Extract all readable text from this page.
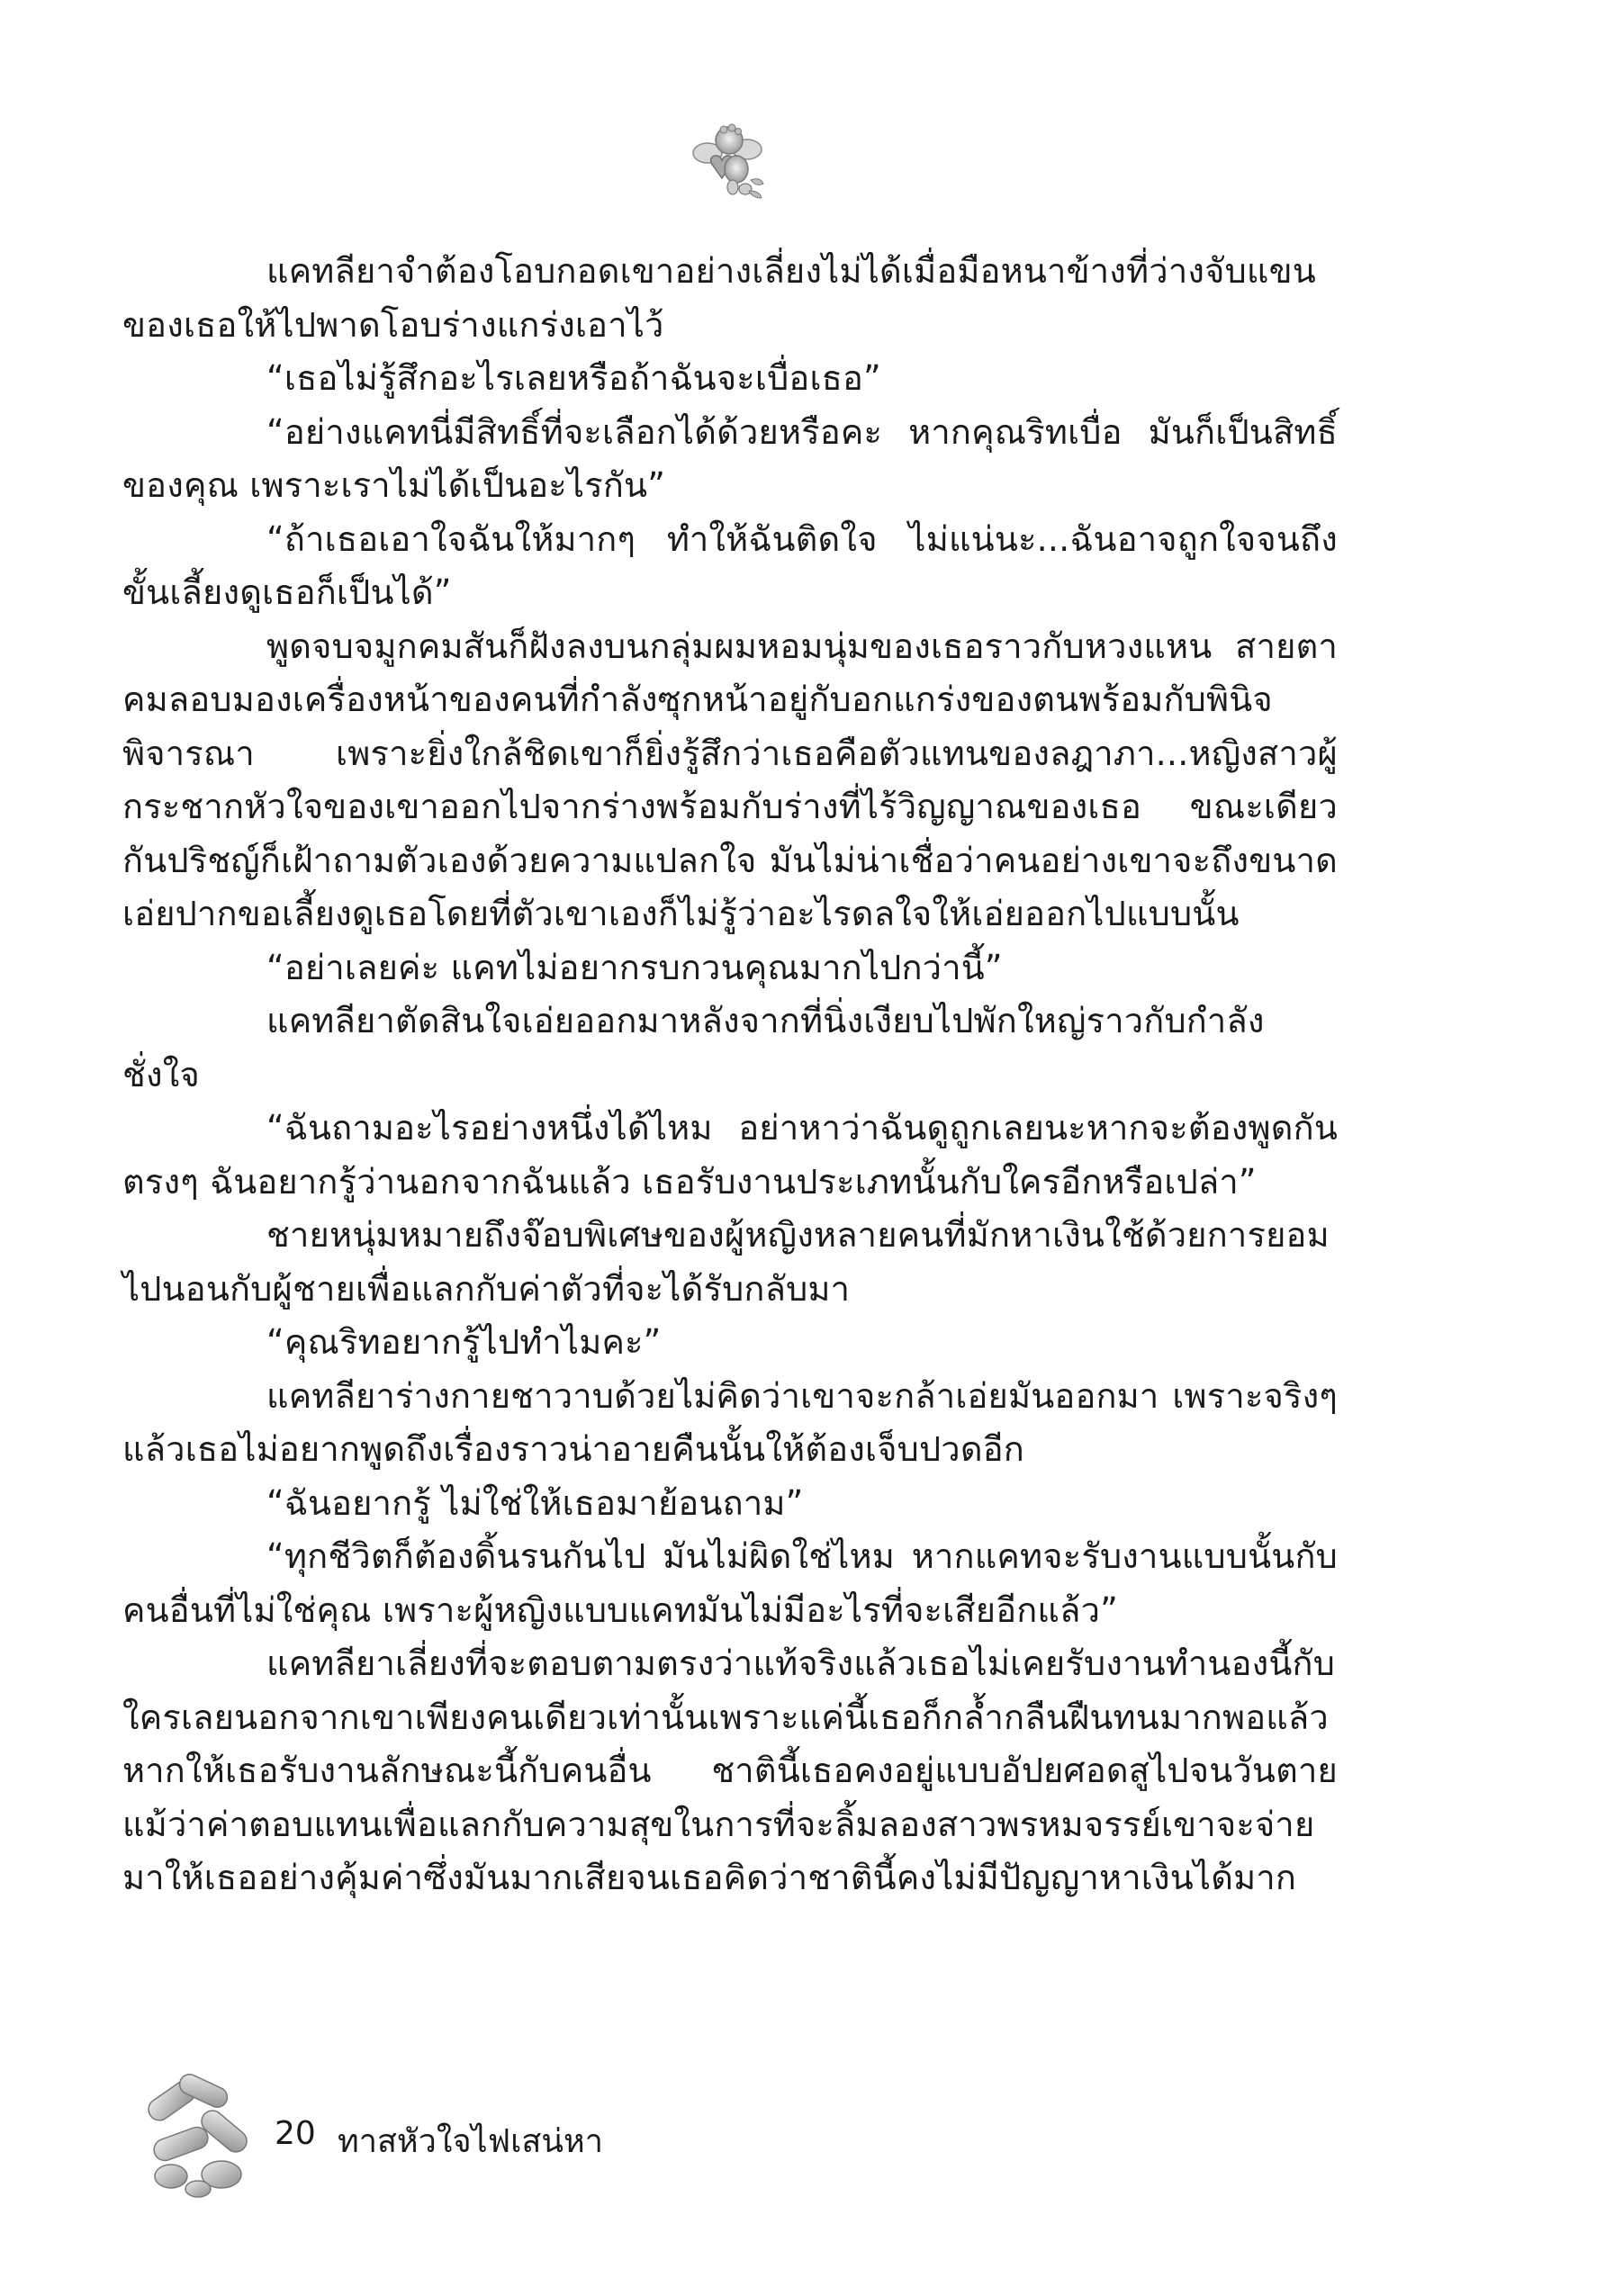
แคทลียาจำต้องโอบกอดเขาอย่างเลี่ยงไม่ได้เมื่อมือหนาข้างที่ว่างจับแขนของเธอให้ไปพาดโอบร่างแกร่งเอาไว้

“เธอไม่รู้สึกอะไรเลยหรือถ้าฉันจะเบื่อเธอ”

“อย่างแคทนี่มีสิทธิ์ที่จะเลือกได้ด้วยหรือคะ หากคุณริทเบื่อ มันก็เป็นสิทธิ์ของคุณ เพราะเราไม่ได้เป็นอะไรกัน”

“ถ้าเธอเอาใจฉันให้มากๆ ทำให้ฉันติดใจ ไม่แน่นะ...ฉันอาจถูกใจจนถึงขั้นเลี้ยงดูเธอก็เป็นได้”

พูดจบจมูกคมสันก็ฝังลงบนกลุ่มผมหอมนุ่มของเธอราวกับหวงแหน สายตาคมลอบมองเครื่องหน้าของคนที่กำลังซุกหน้าอยู่กับอกแกร่งของตนพร้อมกับพินิจพิจารณา เพราะยิ่งใกล้ชิดเขาก็ยิ่งรู้สึกว่าเธอคือตัวแทนของลฎาภา...หญิงสาวผู้กระชากหัวใจของเขาออกไปจากร่างพร้อมกับร่างที่ไร้วิญญาณของเธอ ขณะเดียวกันปริชญ์ก็เฝ้าถามตัวเองด้วยความแปลกใจ มันไม่น่าเชื่อว่าคนอย่างเขาจะถึงขนาดเอ่ยปากขอเลี้ยงดูเธอโดยที่ตัวเขาเองก็ไม่รู้ว่าอะไรดลใจให้เอ่ยออกไปแบบนั้น

“อย่าเลยค่ะ แคทไม่อยากรบกวนคุณมากไปกว่านี้”

แคทลียาตัดสินใจเอ่ยออกมาหลังจากที่นิ่งเงียบไปพักใหญ่ราวกับกำลังชั่งใจ

“ฉันถามอะไรอย่างหนึ่งได้ไหม อย่าหาว่าฉันดูถูกเลยนะหากจะต้องพูดกันตรงๆ ฉันอยากรู้ว่านอกจากฉันแล้ว เธอรับงานประเภทนั้นกับใครอีกหรือเปล่า”

ชายหนุ่มหมายถึงจ๊อบพิเศษของผู้หญิงหลายคนที่มักหาเงินใช้ด้วยการยอมไปนอนกับผู้ชายเพื่อแลกกับค่าตัวที่จะได้รับกลับมา

“คุณริทอยากรู้ไปทำไมคะ”

แคทลียาร่างกายชาวาบด้วยไม่คิดว่าเขาจะกล้าเอ่ยมันออกมา เพราะจริงๆ แล้วเธอไม่อยากพูดถึงเรื่องราวน่าอายคืนนั้นให้ต้องเจ็บปวดอีก

“ฉันอยากรู้ ไม่ใช่ให้เธอมาย้อนถาม”

“ทุกชีวิตก็ต้องดิ้นรนกันไป มันไม่ผิดใช่ไหม หากแคทจะรับงานแบบนั้นกับคนอื่นที่ไม่ใช่คุณ เพราะผู้หญิงแบบแคทมันไม่มีอะไรที่จะเสียอีกแล้ว”

แคทลียาเลี่ยงที่จะตอบตามตรงว่าแท้จริงแล้วเธอไม่เคยรับงานทำนองนี้กับใครเลยนอกจากเขาเพียงคนเดียวเท่านั้นเพราะแค่นี้เธอก็กล้ำกลืนฝืนทนมากพอแล้ว หากให้เธอรับงานลักษณะนี้กับคนอื่น ชาตินี้เธอคงอยู่แบบอัปยศอดสูไปจนวันตาย แม้ว่าค่าตอบแทนเพื่อแลกกับความสุขในการที่จะลิ้มลองสาวพรหมจรรย์เขาจะจ่ายมาให้เธออย่างคุ้มค่าซึ่งมันมากเสียจนเธอคิดว่าชาตินี้คงไม่มีปัญญาหาเงินได้มาก

20 ทาสหัวใจไฟเสน่หา
